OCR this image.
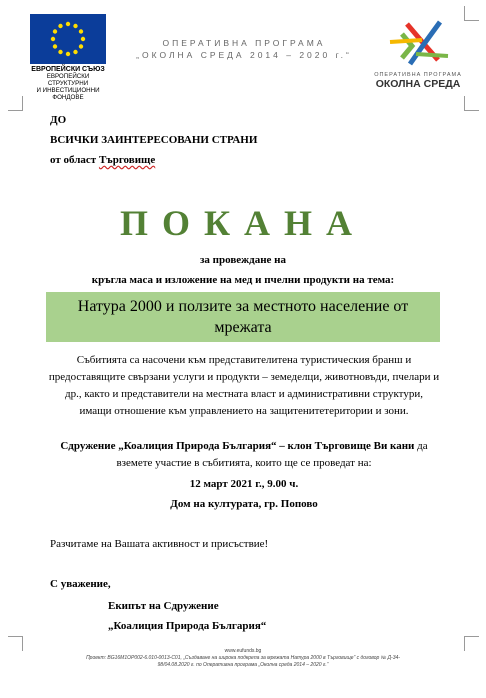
ЕВРОПЕЙСКИ СЪЮЗ
ЕВРОПЕЙСКИ СТРУКТУРНИ
И ИНВЕСТИЦИОННИ ФОНДОВЕ
ОПЕРАТИВНА ПРОГРАМА
„ОКОЛНА СРЕДА 2014 – 2020 г.“
ОПЕРАТИВНА ПРОГРАМА
ОКОЛНА СРЕДА
ДО
ВСИЧКИ ЗАИНТЕРЕСОВАНИ СТРАНИ
от област Търговище
ПОКАНА
за провеждане на
кръгла маса и изложение на мед и пчелни продукти на тема:
Натура 2000 и ползите за местното население от мрежата
Събитията са насочени към представителитена туристическия бранш и предоставящите свързани услуги и продукти – земеделци, животновъди, пчелари и др., както и представители на местната власт и административни структури, имащи отношение към управлението на защитенитетеритории и зони.
Сдружение „Коалиция Природа България“ – клон Търговище Ви кани да вземете участие в събитията, които ще се проведат на:
12 март 2021 г., 9.00 ч.
Дом на културата, гр. Попово
Разчитаме на Вашата активност и присъствие!
С уважение,
Екипът на Сдружение
„Коалиция Природа България“
www.eufunds.bg
Проект: BG16M1OP002-6.010-0013-C01, „Създаване на широка подкрепа за мрежата Натура 2000 в Търговище“ с договор № Д-34-98/04.08.2020 г. по Оперативна програма „Околна среда 2014 – 2020 г.“
